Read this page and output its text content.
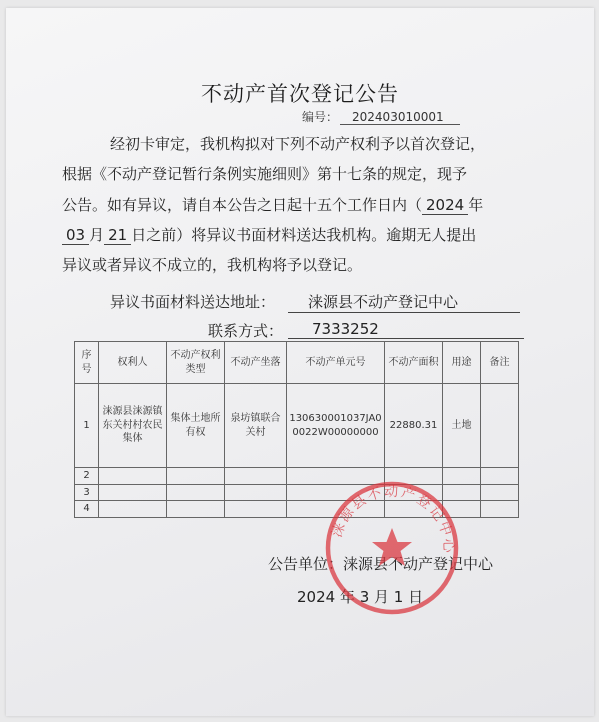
不动产首次登记公告
编号： 202403010001
经初卡审定，我机构拟对下列不动产权利予以首次登记，
根据《不动产登记暂行条例实施细则》第十七条的规定，现予
公告。如有异议，请自本公告之日起十五个工作日内（ 2024 年
03 月 21 日之前）将异议书面材料送达我机构。逾期无人提出
异议或者异议不成立的，我机构将予以登记。
异议书面材料送达地址：	涞源县不动产登记中心
联系方式：	7333252
序号	权利人	不动产权利类型	不动产坐落	不动产单元号	不动产面积	用途	备注
1	涞源县涞源镇东关村村农民集体	集体土地所有权	泉坊镇联合关村	130630001037JA00022W00000000	22880.31	土地	
2							
3							
4							
公告单位：涞源县不动产登记中心
2024 年 3 月 1 日
涞源县不动产登记中心
